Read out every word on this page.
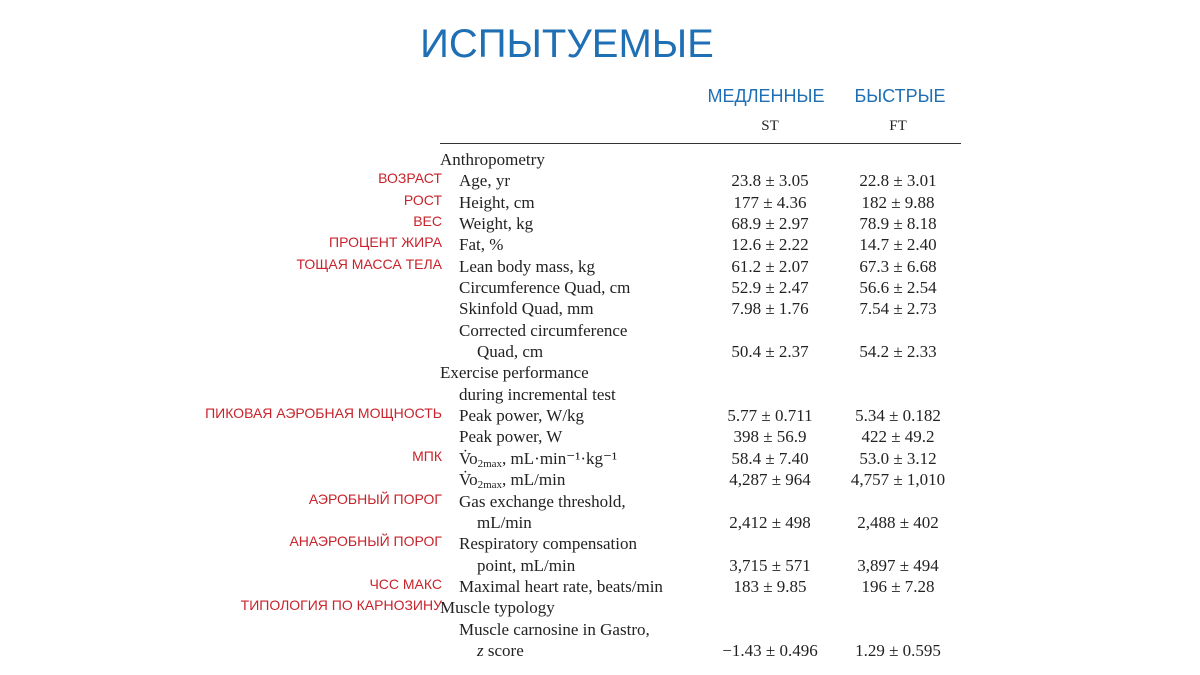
ИСПЫТУЕМЫЕ
МЕДЛЕННЫЕ	БЫСТРЫЕ
ST	FT
Anthropometry
Age, yr	23.8 ± 3.05	22.8 ± 3.01
ВОЗРАСТ
Height, cm	177 ± 4.36	182 ± 9.88
РОСТ
Weight, kg	68.9 ± 2.97	78.9 ± 8.18
ВЕС
Fat, %	12.6 ± 2.22	14.7 ± 2.40
ПРОЦЕНТ ЖИРА
Lean body mass, kg	61.2 ± 2.07	67.3 ± 6.68
ТОЩАЯ МАССА ТЕЛА
Circumference Quad, cm	52.9 ± 2.47	56.6 ± 2.54
Skinfold Quad, mm	7.98 ± 1.76	7.54 ± 2.73
Corrected circumference
Quad, cm	50.4 ± 2.37	54.2 ± 2.33
Exercise performance
during incremental test
Peak power, W/kg	5.77 ± 0.711	5.34 ± 0.182
ПИКОВАЯ АЭРОБНАЯ МОЩНОСТЬ
Peak power, W	398 ± 56.9	422 ± 49.2
$V̇o_{2max}$, mL·min⁻¹·kg⁻¹	58.4 ± 7.40	53.0 ± 3.12
МПК
$V̇o_{2max}$, mL/min	4,287 ± 964	4,757 ± 1,010
Gas exchange threshold,
АЭРОБНЫЙ ПОРОГ
mL/min	2,412 ± 498	2,488 ± 402
Respiratory compensation
АНАЭРОБНЫЙ ПОРОГ
point, mL/min	3,715 ± 571	3,897 ± 494
Maximal heart rate, beats/min	183 ± 9.85	196 ± 7.28
ЧСС МАКС
Muscle typology
ТИПОЛОГИЯ ПО КАРНОЗИНУ
Muscle carnosine in Gastro,
z score	−1.43 ± 0.496	1.29 ± 0.595
